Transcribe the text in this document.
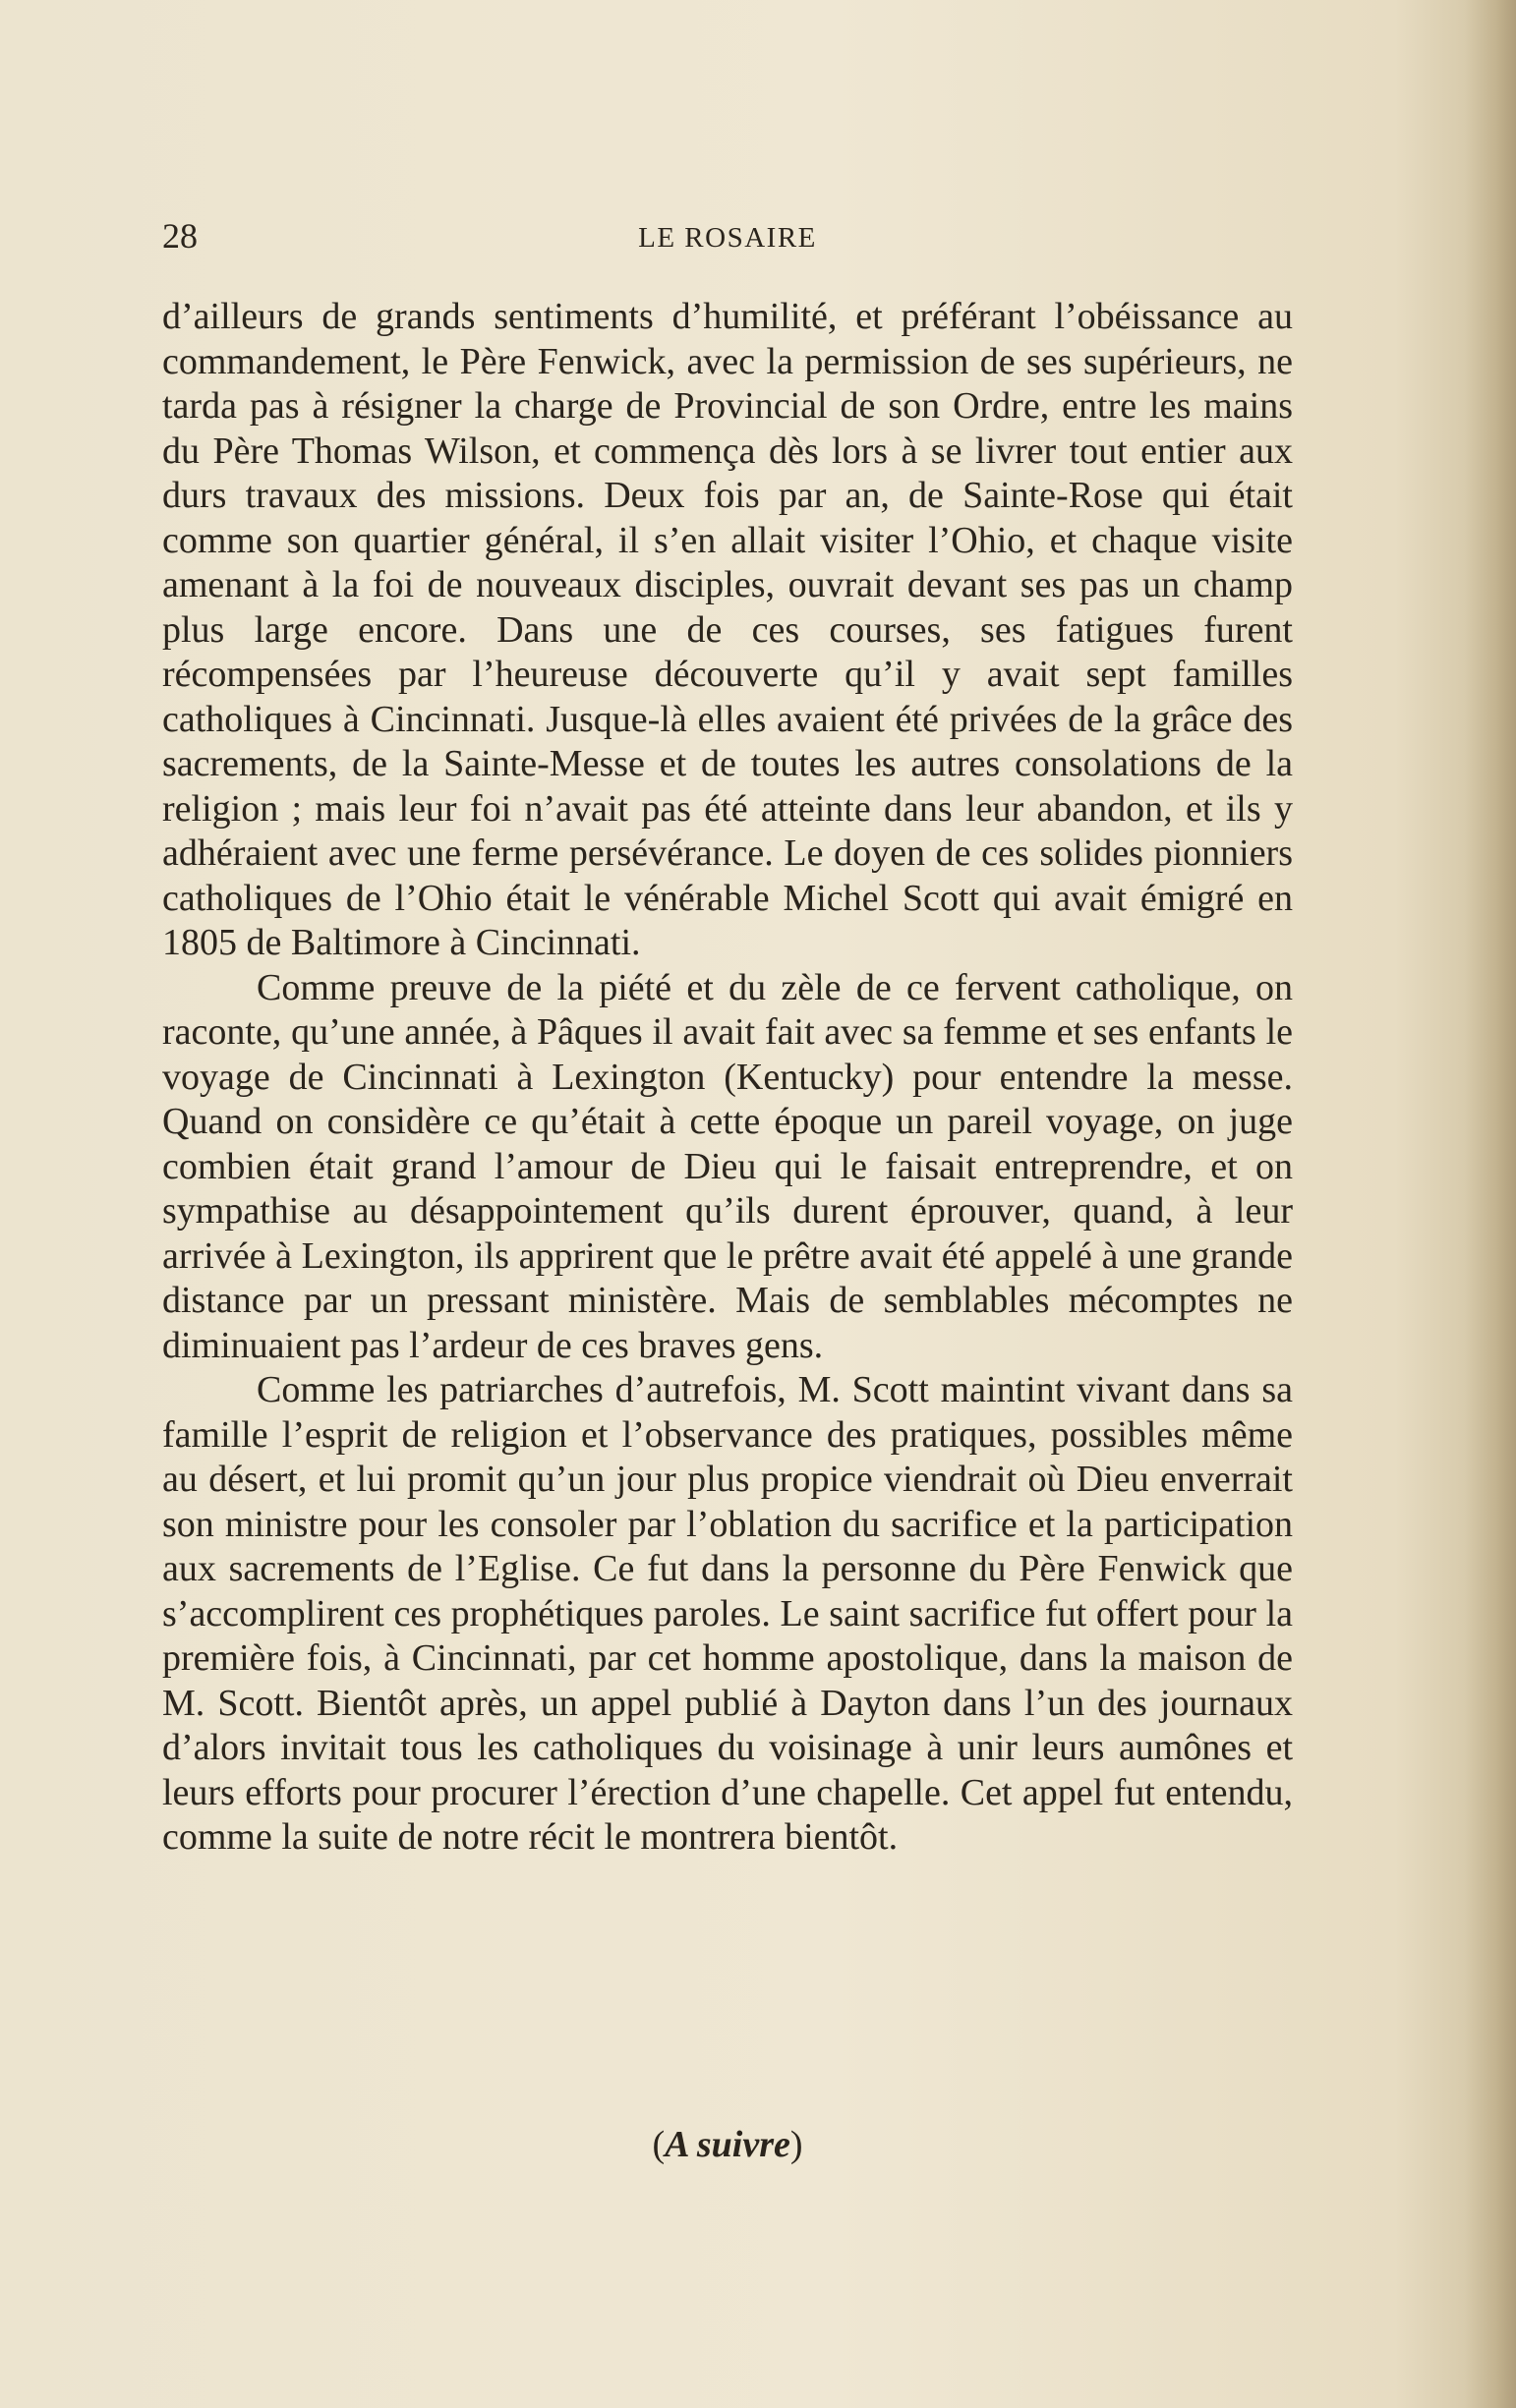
28	LE ROSAIRE

d’ailleurs de grands sentiments d’humilité, et préférant l’obéissance au commandement, le Père Fenwick, avec la permission de ses supérieurs, ne tarda pas à résigner la charge de Provincial de son Ordre, entre les mains du Père Thomas Wilson, et commença dès lors à se livrer tout entier aux durs travaux des missions. Deux fois par an, de Sainte-Rose qui était comme son quartier général, il s’en allait visiter l’Ohio, et chaque visite amenant à la foi de nouveaux disciples, ouvrait devant ses pas un champ plus large encore. Dans une de ces courses, ses fatigues furent récompensées par l’heureuse découverte qu’il y avait sept familles catholiques à Cincinnati. Jusque-là elles avaient été privées de la grâce des sacrements, de la Sainte-Messe et de toutes les autres consolations de la religion ; mais leur foi n’avait pas été atteinte dans leur abandon, et ils y adhéraient avec une ferme persévérance. Le doyen de ces solides pionniers catholiques de l’Ohio était le vénérable Michel Scott qui avait émigré en 1805 de Baltimore à Cincinnati.

Comme preuve de la piété et du zèle de ce fervent catholique, on raconte, qu’une année, à Pâques il avait fait avec sa femme et ses enfants le voyage de Cincinnati à Lexington (Kentucky) pour entendre la messe. Quand on considère ce qu’était à cette époque un pareil voyage, on juge combien était grand l’amour de Dieu qui le faisait entreprendre, et on sympathise au désappointement qu’ils durent éprouver, quand, à leur arrivée à Lexington, ils apprirent que le prêtre avait été appelé à une grande distance par un pressant ministère. Mais de semblables mécomptes ne diminuaient pas l’ardeur de ces braves gens.

Comme les patriarches d’autrefois, M. Scott maintint vivant dans sa famille l’esprit de religion et l’observance des pratiques, possibles même au désert, et lui promit qu’un jour plus propice viendrait où Dieu enverrait son ministre pour les consoler par l’oblation du sacrifice et la participation aux sacrements de l’Eglise. Ce fut dans la personne du Père Fenwick que s’accomplirent ces prophétiques paroles. Le saint sacrifice fut offert pour la première fois, à Cincinnati, par cet homme apostolique, dans la maison de M. Scott. Bientôt après, un appel publié à Dayton dans l’un des journaux d’alors invitait tous les catholiques du voisinage à unir leurs aumônes et leurs efforts pour procurer l’érection d’une chapelle. Cet appel fut entendu, comme la suite de notre récit le montrera bientôt.

(A suivre)
